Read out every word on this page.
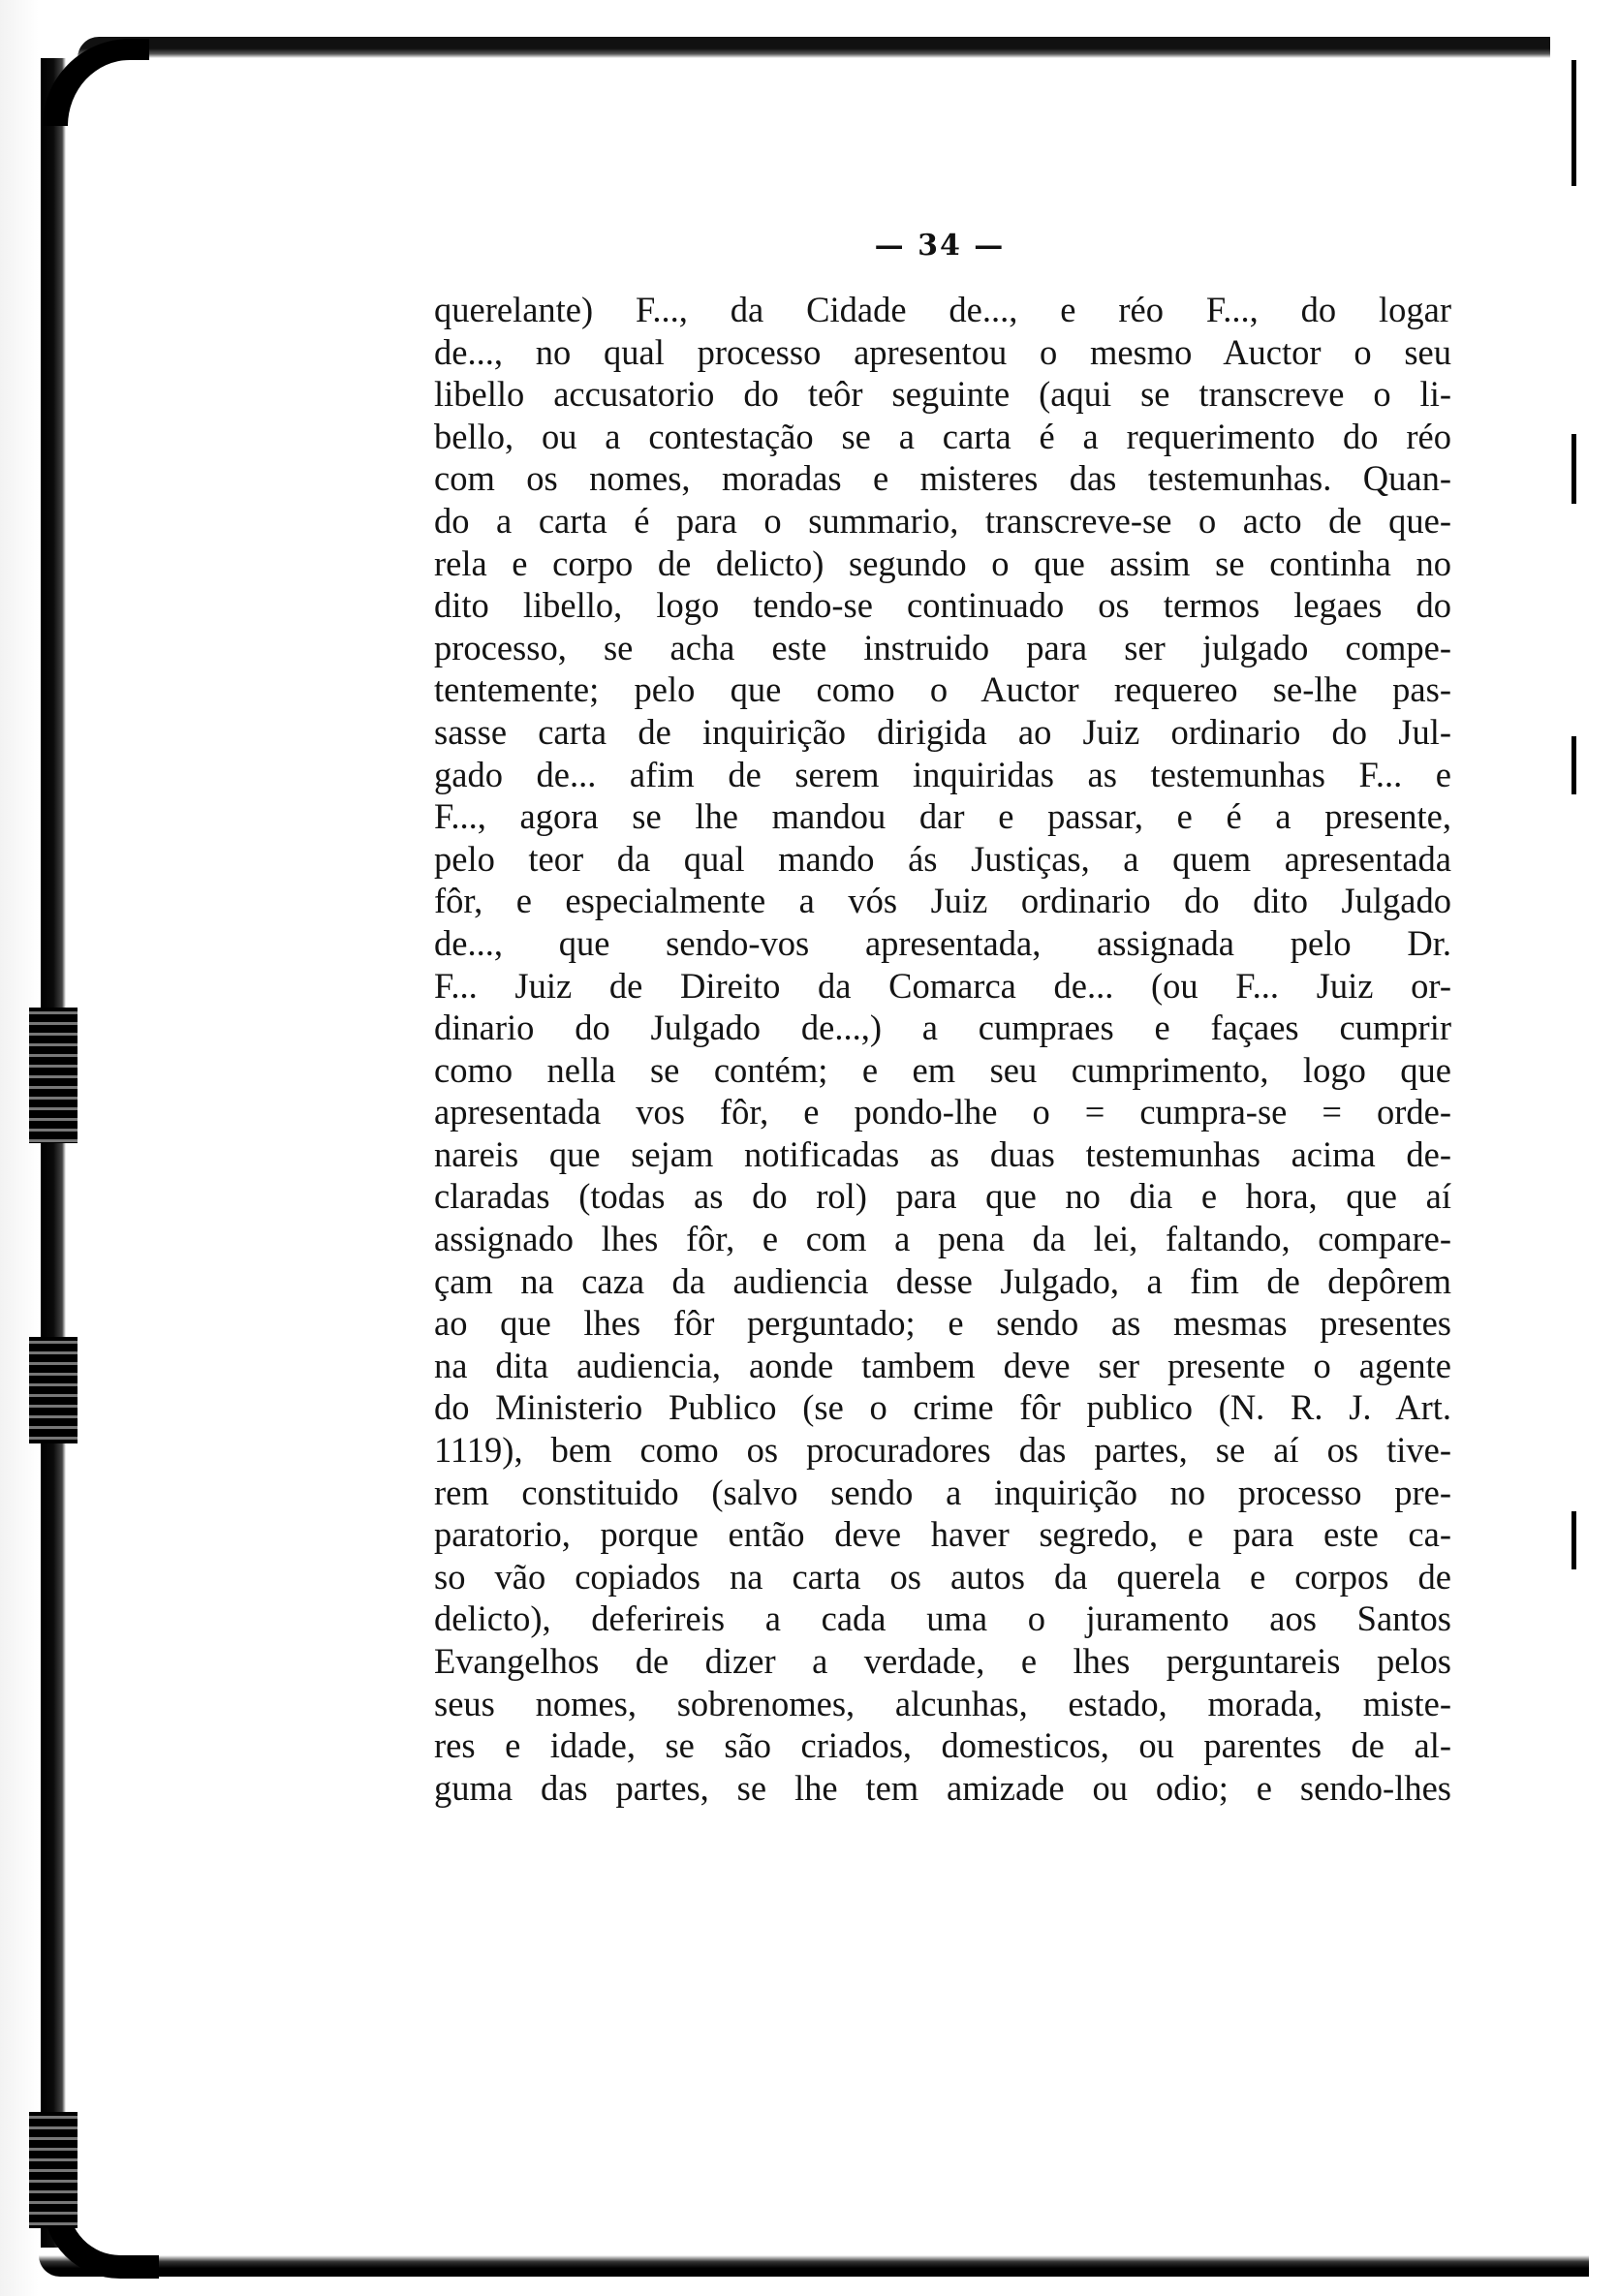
— 34 —
querelante) F..., da Cidade de..., e réo F..., do logar
de..., no qual processo apresentou o mesmo Auctor o seu
libello accusatorio do teôr seguinte (aqui se transcreve o li-
bello, ou a contestação se a carta é a requerimento do réo
com os nomes, moradas e misteres das testemunhas. Quan-
do a carta é para o summario, transcreve-se o acto de que-
rela e corpo de delicto) segundo o que assim se continha no
dito libello, logo tendo-se continuado os termos legaes do
processo, se acha este instruido para ser julgado compe-
tentemente; pelo que como o Auctor requereo se-lhe pas-
sasse carta de inquirição dirigida ao Juiz ordinario do Jul-
gado de... afim de serem inquiridas as testemunhas F... e
F..., agora se lhe mandou dar e passar, e é a presente,
pelo teor da qual mando ás Justiças, a quem apresentada
fôr, e especialmente a vós Juiz ordinario do dito Julgado
de..., que sendo-vos apresentada, assignada pelo Dr.
F... Juiz de Direito da Comarca de... (ou F... Juiz or-
dinario do Julgado de...,) a cumpraes e façaes cumprir
como nella se contém; e em seu cumprimento, logo que
apresentada vos fôr, e pondo-lhe o = cumpra-se = orde-
nareis que sejam notificadas as duas testemunhas acima de-
claradas (todas as do rol) para que no dia e hora, que aí
assignado lhes fôr, e com a pena da lei, faltando, compare-
çam na caza da audiencia desse Julgado, a fim de depôrem
ao que lhes fôr perguntado; e sendo as mesmas presentes
na dita audiencia, aonde tambem deve ser presente o agente
do Ministerio Publico (se o crime fôr publico (N. R. J. Art.
1119), bem como os procuradores das partes, se aí os tive-
rem constituido (salvo sendo a inquirição no processo pre-
paratorio, porque então deve haver segredo, e para este ca-
so vão copiados na carta os autos da querela e corpos de
delicto), deferireis a cada uma o juramento aos Santos
Evangelhos de dizer a verdade, e lhes perguntareis pelos
seus nomes, sobrenomes, alcunhas, estado, morada, miste-
res e idade, se são criados, domesticos, ou parentes de al-
guma das partes, se lhe tem amizade ou odio; e sendo-lhes
